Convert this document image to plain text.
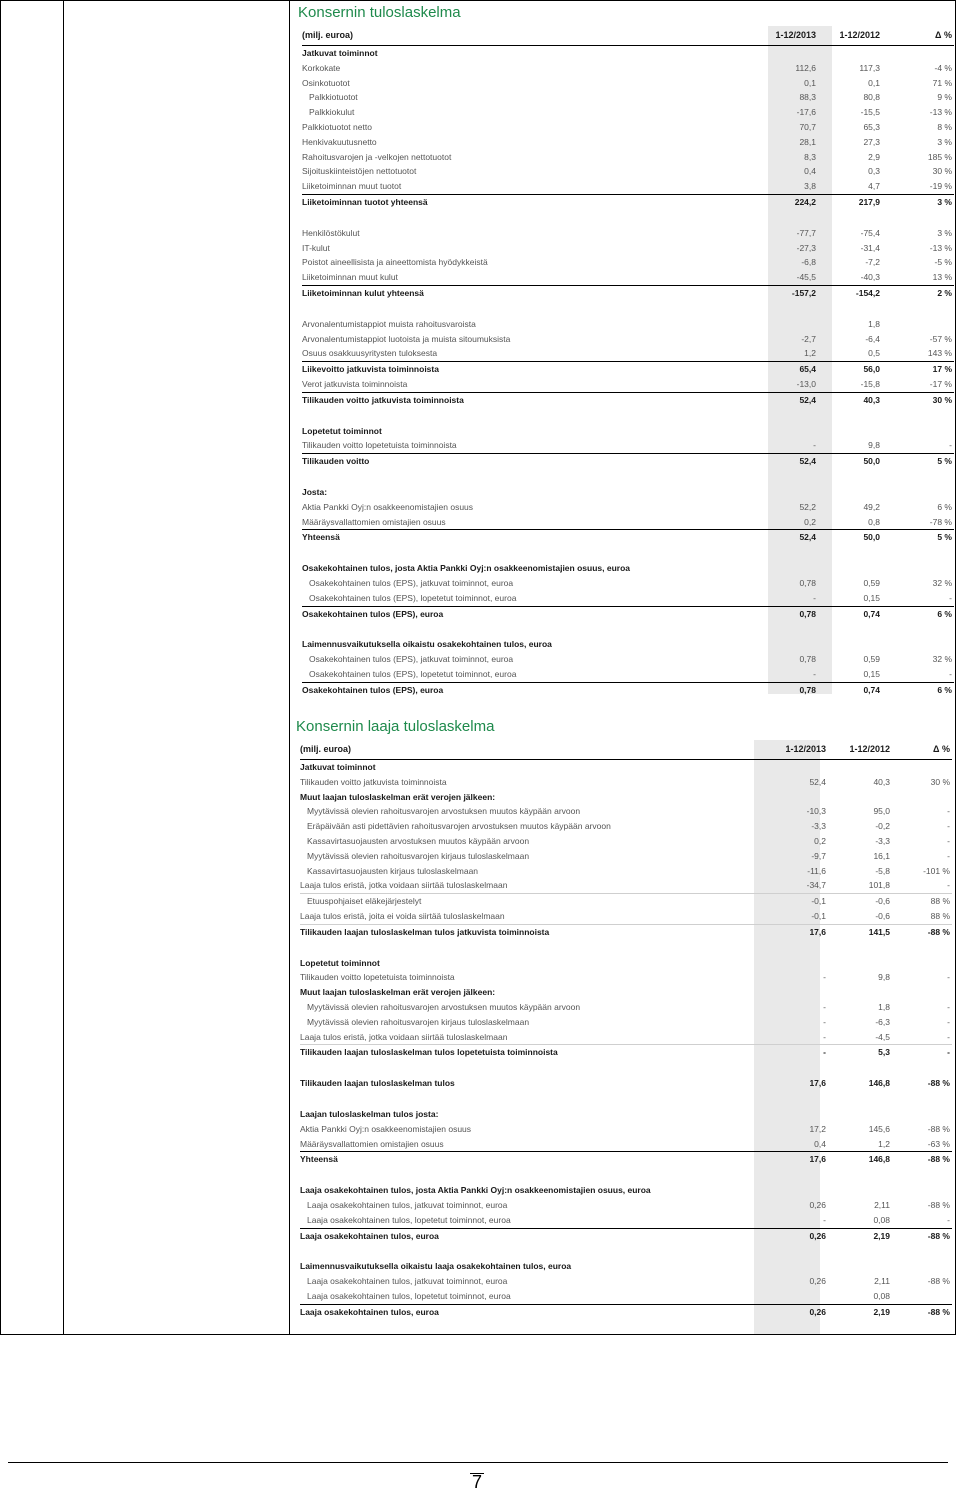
Konsernin tuloslaskelma
(milj. euroa)	1-12/2013	1-12/2012	Δ %
Jatkuvat toiminnot			
Korkokate	112,6	117,3	-4 %
Osinkotuotot	0,1	0,1	71 %
Palkkiotuotot	88,3	80,8	9 %
Palkkiokulut	-17,6	-15,5	-13 %
Palkkiotuotot netto	70,7	65,3	8 %
Henkivakuutusnetto	28,1	27,3	3 %
Rahoitusvarojen ja -velkojen nettotuotot	8,3	2,9	185 %
Sijoituskiinteistöjen nettotuotot	0,4	0,3	30 %
Liiketoiminnan muut tuotot	3,8	4,7	-19 %
Liiketoiminnan tuotot yhteensä	224,2	217,9	3 %

Henkilöstökulut	-77,7	-75,4	3 %
IT-kulut	-27,3	-31,4	-13 %
Poistot aineellisista ja aineettomista hyödykkeistä	-6,8	-7,2	-5 %
Liiketoiminnan muut kulut	-45,5	-40,3	13 %
Liiketoiminnan kulut yhteensä	-157,2	-154,2	2 %

Arvonalentumistappiot muista rahoitusvaroista		1,8	
Arvonalentumistappiot luotoista ja muista sitoumuksista	-2,7	-6,4	-57 %
Osuus osakkuusyritysten tuloksesta	1,2	0,5	143 %
Liikevoitto jatkuvista toiminnoista	65,4	56,0	17 %
Verot jatkuvista toiminnoista	-13,0	-15,8	-17 %
Tilikauden voitto jatkuvista toiminnoista	52,4	40,3	30 %

Lopetetut toiminnot			
Tilikauden voitto lopetetuista toiminnoista	-	9,8	-
Tilikauden voitto	52,4	50,0	5 %

Josta:			
Aktia Pankki Oyj:n osakkeenomistajien osuus	52,2	49,2	6 %
Määräysvallattomien omistajien osuus	0,2	0,8	-78 %
Yhteensä	52,4	50,0	5 %

Osakekohtainen tulos, josta Aktia Pankki Oyj:n osakkeenomistajien osuus, euroa			
Osakekohtainen tulos (EPS), jatkuvat toiminnot, euroa	0,78	0,59	32 %
Osakekohtainen tulos (EPS), lopetetut toiminnot, euroa	-	0,15	-
Osakekohtainen tulos (EPS), euroa	0,78	0,74	6 %

Laimennusvaikutuksella oikaistu osakekohtainen tulos, euroa			
Osakekohtainen tulos (EPS), jatkuvat toiminnot, euroa	0,78	0,59	32 %
Osakekohtainen tulos (EPS), lopetetut toiminnot, euroa	-	0,15	-
Osakekohtainen tulos (EPS), euroa	0,78	0,74	6 %
Konsernin laaja tuloslaskelma
(milj. euroa)	1-12/2013	1-12/2012	Δ %
Jatkuvat toiminnot			
Tilikauden voitto jatkuvista toiminnoista	52,4	40,3	30 %
Muut laajan tuloslaskelman erät verojen jälkeen:			
Myytävissä olevien rahoitusvarojen arvostuksen muutos käypään arvoon	-10,3	95,0	-
Eräpäivään asti pidettävien rahoitusvarojen arvostuksen muutos käypään arvoon	-3,3	-0,2	-
Kassavirtasuojausten arvostuksen muutos käypään arvoon	0,2	-3,3	-
Myytävissä olevien rahoitusvarojen kirjaus tuloslaskelmaan	-9,7	16,1	-
Kassavirtasuojausten kirjaus tuloslaskelmaan	-11,6	-5,8	-101 %
Laaja tulos eristä, jotka voidaan siirtää tuloslaskelmaan	-34,7	101,8	-
Etuuspohjaiset eläkejärjestelyt	-0,1	-0,6	88 %
Laaja tulos eristä, joita ei voida siirtää tuloslaskelmaan	-0,1	-0,6	88 %
Tilikauden laajan tuloslaskelman tulos jatkuvista toiminnoista	17,6	141,5	-88 %

Lopetetut toiminnot			
Tilikauden voitto lopetetuista toiminnoista	-	9,8	-
Muut laajan tuloslaskelman erät verojen jälkeen:			
Myytävissä olevien rahoitusvarojen arvostuksen muutos käypään arvoon	-	1,8	-
Myytävissä olevien rahoitusvarojen kirjaus tuloslaskelmaan	-	-6,3	-
Laaja tulos eristä, jotka voidaan siirtää tuloslaskelmaan	-	-4,5	-
Tilikauden laajan tuloslaskelman tulos lopetetuista toiminnoista	-	5,3	-

Tilikauden laajan tuloslaskelman tulos	17,6	146,8	-88 %

Laajan tuloslaskelman tulos josta:			
Aktia Pankki Oyj:n osakkeenomistajien osuus	17,2	145,6	-88 %
Määräysvallattomien omistajien osuus	0,4	1,2	-63 %
Yhteensä	17,6	146,8	-88 %

Laaja osakekohtainen tulos, josta Aktia Pankki Oyj:n osakkeenomistajien osuus, euroa			
Laaja osakekohtainen tulos, jatkuvat toiminnot, euroa	0,26	2,11	-88 %
Laaja osakekohtainen tulos, lopetetut toiminnot, euroa	-	0,08	-
Laaja osakekohtainen tulos, euroa	0,26	2,19	-88 %

Laimennusvaikutuksella oikaistu laaja osakekohtainen tulos, euroa			
Laaja osakekohtainen tulos, jatkuvat toiminnot, euroa	0,26	2,11	-88 %
Laaja osakekohtainen tulos, lopetetut toiminnot, euroa		0,08	
Laaja osakekohtainen tulos, euroa	0,26	2,19	-88 %
7
